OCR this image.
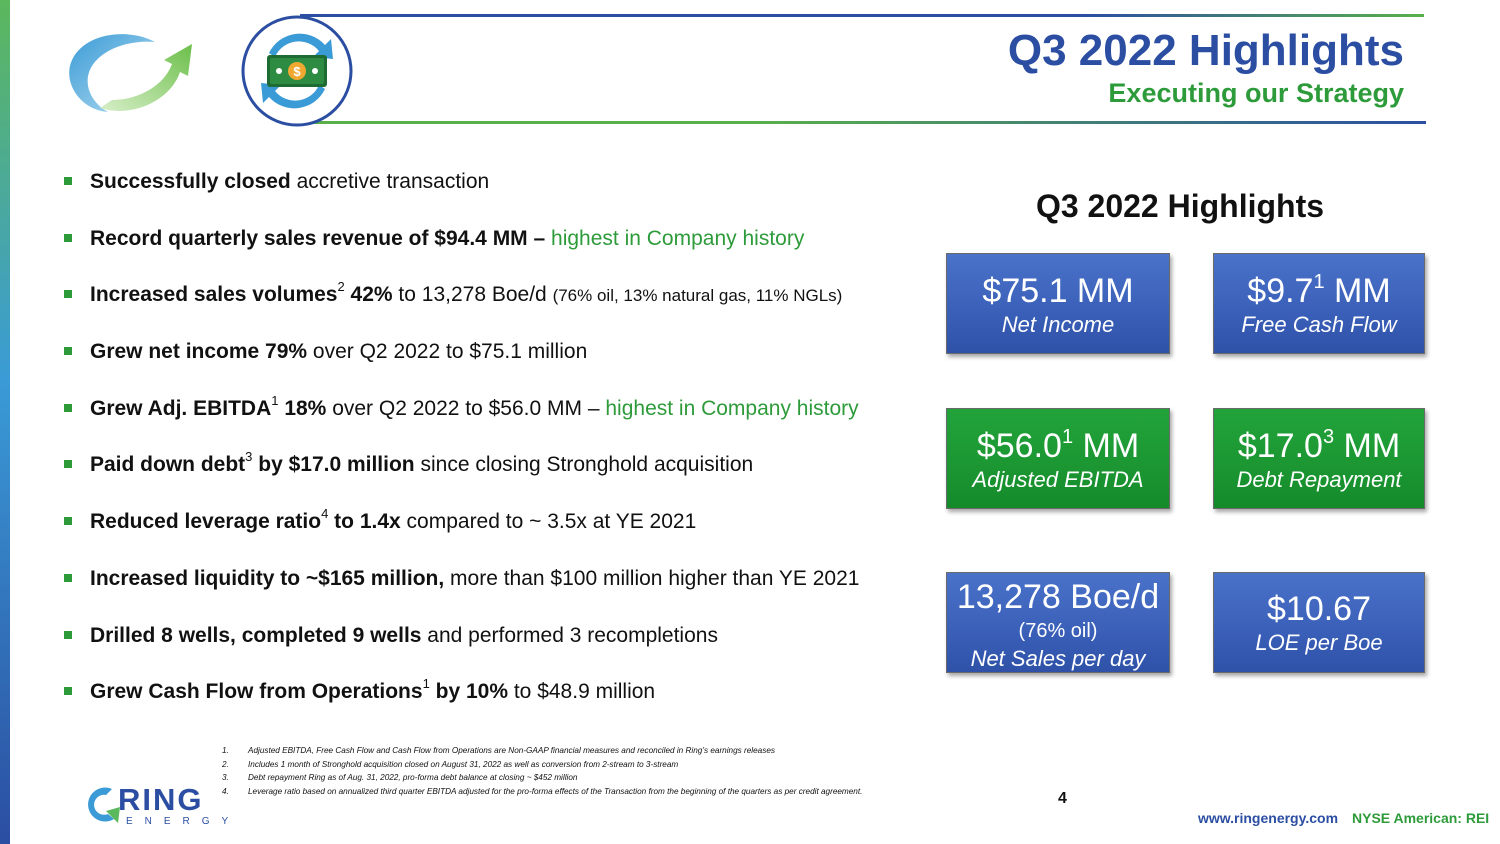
$	Q3 2022 Highlights
Executing our Strategy
Successfully closed accretive transaction
Record quarterly sales revenue of $94.4 MM – highest in Company history
Increased sales volumes$^2$ 42% to 13,278 Boe/d (76% oil, 13% natural gas, 11% NGLs)
Grew net income 79% over Q2 2022 to $75.1 million
Grew Adj. EBITDA$^1$ 18% over Q2 2022 to $56.0 MM – highest in Company history
Paid down debt$^3$ by $17.0 million since closing Stronghold acquisition
Reduced leverage ratio$^4$ to 1.4x compared to ~ 3.5x at YE 2021
Increased liquidity to ~$165 million, more than $100 million higher than YE 2021
Drilled 8 wells, completed 9 wells and performed 3 recompletions
Grew Cash Flow from Operations$^1$ by 10% to $48.9 million
Q3 2022 Highlights
$75.1 MM
Net Income
$\$9.7^1$ MM
Free Cash Flow
$56.0$^1$ MM
Adjusted EBITDA
$17.0$^3$ MM
Debt Repayment
13,278 Boe/d
(76% oil)
Net Sales per day
$10.67
LOE per Boe
1.	Adjusted EBITDA, Free Cash Flow and Cash Flow from Operations are Non-GAAP financial measures and reconciled in Ring’s earnings releases
2.	Includes 1 month of Stronghold acquisition closed on August 31, 2022 as well as conversion from 2-stream to 3-stream
3.	Debt repayment Ring as of Aug. 31, 2022, pro-forma debt balance at closing ~ $452 million
4.	Leverage ratio based on annualized third quarter EBITDA adjusted for the pro-forma effects of the Transaction from the beginning of the quarters as per credit agreement.
RING
ENERGY
4
www.ringenergy.com NYSE American: REI
